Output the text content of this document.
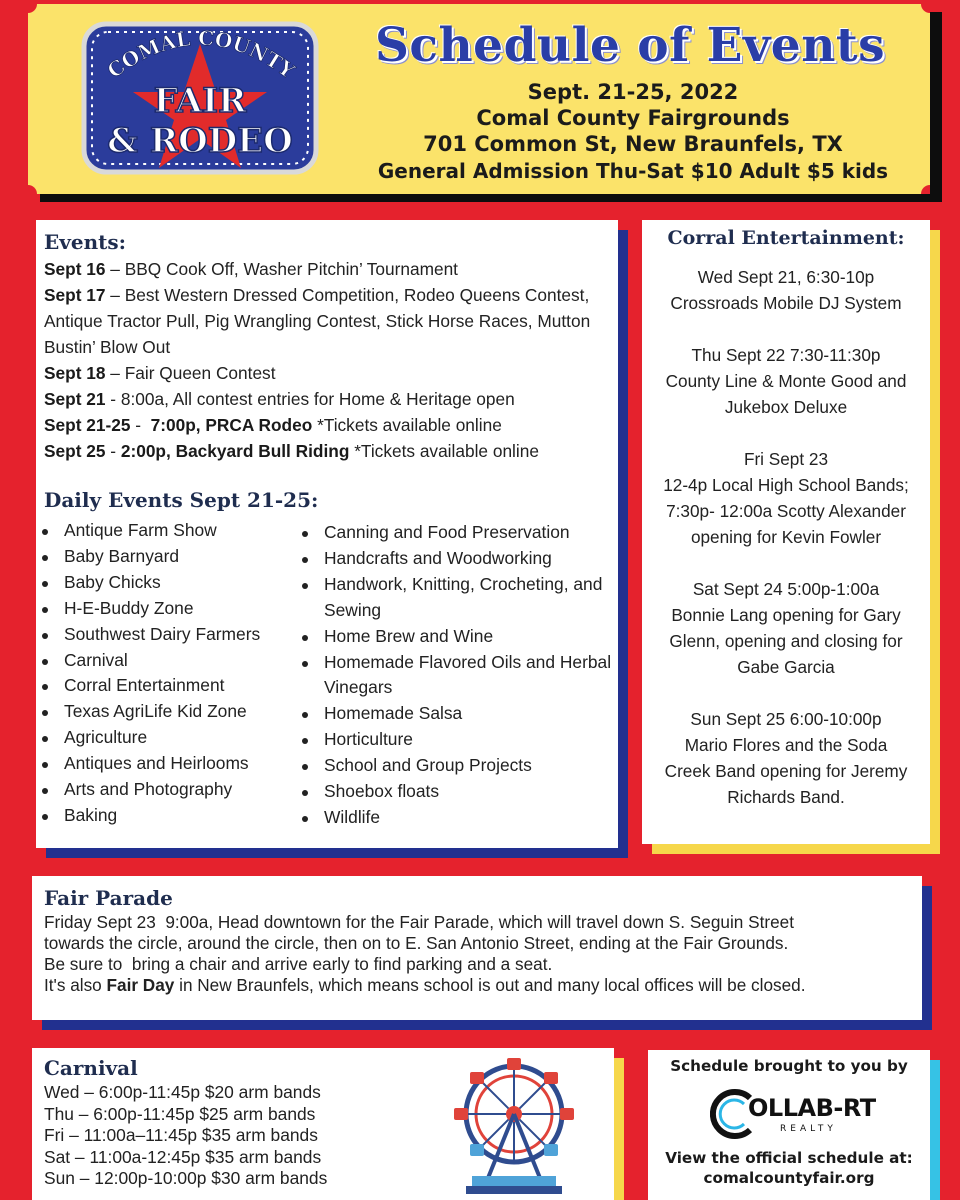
COMAL COUNTY
FAIR
& RODEO
Schedule of Events
Sept. 21-25, 2022
Comal County Fairgrounds
701 Common St, New Braunfels, TX
General Admission Thu-Sat $10 Adult $5 kids
Events:
Sept 16 – BBQ Cook Off, Washer Pitchin’ Tournament
Sept 17 – Best Western Dressed Competition, Rodeo Queens Contest, Antique Tractor Pull, Pig Wrangling Contest, Stick Horse Races, Mutton Bustin’ Blow Out
Sept 18 – Fair Queen Contest
Sept 21 - 8:00a, All contest entries for Home & Heritage open
Sept 21-25 -  7:00p, PRCA Rodeo *Tickets available online
Sept 25 - 2:00p, Backyard Bull Riding *Tickets available online
Daily Events Sept 21-25:
Antique Farm Show
Baby Barnyard
Baby Chicks
H-E-Buddy Zone
Southwest Dairy Farmers
Carnival
Corral Entertainment
Texas AgriLife Kid Zone
Agriculture
Antiques and Heirlooms
Arts and Photography
Baking
Canning and Food Preservation
Handcrafts and Woodworking
Handwork, Knitting, Crocheting, and Sewing
Home Brew and Wine
Homemade Flavored Oils and Herbal Vinegars
Homemade Salsa
Horticulture
School and Group Projects
Shoebox floats
Wildlife
Corral Entertainment:
Wed Sept 21, 6:30-10p
Crossroads Mobile DJ System
Thu Sept 22 7:30-11:30p
County Line & Monte Good and
Jukebox Deluxe
Fri Sept 23
12-4p Local High School Bands;
7:30p- 12:00a Scotty Alexander
opening for Kevin Fowler
Sat Sept 24 5:00p-1:00a
Bonnie Lang opening for Gary
Glenn, opening and closing for
Gabe Garcia
Sun Sept 25 6:00-10:00p
Mario Flores and the Soda
Creek Band opening for Jeremy
Richards Band.
Fair Parade
Friday Sept 23  9:00a, Head downtown for the Fair Parade, which will travel down S. Seguin Street
towards the circle, around the circle, then on to E. San Antonio Street, ending at the Fair Grounds.
Be sure to  bring a chair and arrive early to find parking and a seat.
It's also Fair Day in New Braunfels, which means school is out and many local offices will be closed.
Carnival
Wed – 6:00p-11:45p $20 arm bands
Thu – 6:00p-11:45p $25 arm bands
Fri – 11:00a–11:45p $35 arm bands
Sat – 11:00a-12:45p $35 arm bands
Sun – 12:00p-10:00p $30 arm bands
Schedule brought to you by
OLLAB-RT
REALTY
View the official schedule at:
comalcountyfair.org
